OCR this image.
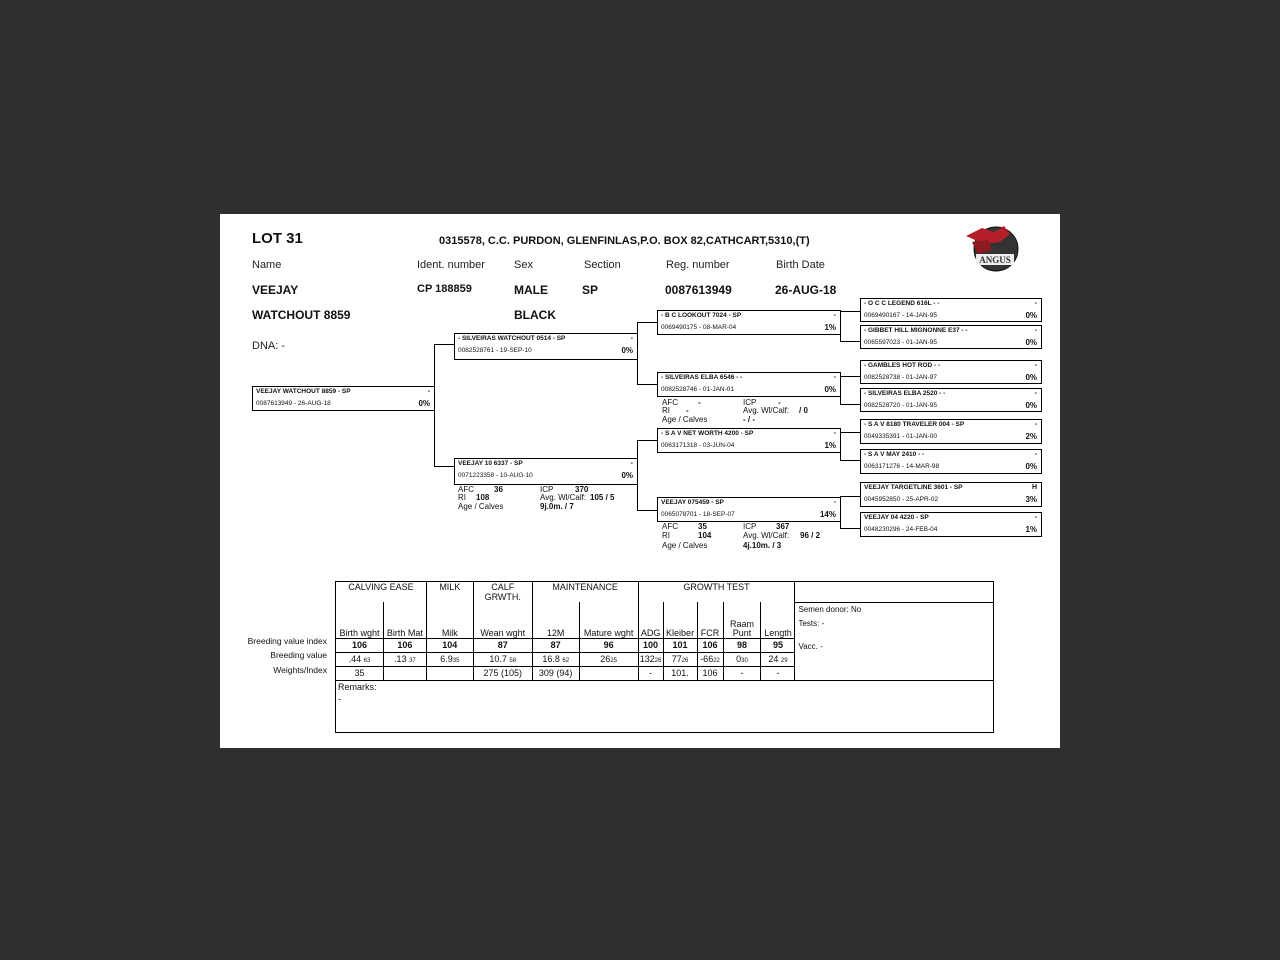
LOT 31	0315578, C.C. PURDON, GLENFINLAS,P.O. BOX 82,CATHCART,5310,(T)
ANGUS
Name	Ident. number	Sex	Section	Reg. number	Birth Date
VEEJAY
WATCHOUT 8859
CP 188859	MALE
BLACK
SP	0087613949	26-AUG-18
DNA: -
VEEJAY WATCHOUT 8859 - SP	-
0087613949 - 26-AUG-18	0%
- SILVEIRAS WATCHOUT 0514 - SP	-
0082528761 - 19-SEP-10	0%
VEEJAY 10 6337 - SP	-
0071223358 - 10-AUG-10	0%
- B C LOOKOUT 7024 - SP	-
0069490175 - 08-MAR-04	1%
- SILVEIRAS ELBA 6546 - -	-
0082528746 - 01-JAN-01	0%
- S A V NET WORTH 4200 - SP	-
0063171318 - 03-JUN-04	1%
VEEJAY 075459 - SP	-
0065078701 - 18-SEP-07	14%
- O C C LEGEND 616L - -	-
0069490167 - 14-JAN-95	0%
- GIBBET HILL MIGNONNE E37 - -	-
0065597023 - 01-JAN-95	0%
- GAMBLES HOT ROD - -	-
0082528738 - 01-JAN-97	0%
- SILVEIRAS ELBA 2520 - -	-
0082528720 - 01-JAN-95	0%
- S A V 8180 TRAVELER 004 - SP	-
0049335391 - 01-JAN-00	2%
- S A V MAY 2410 - -	-
0063171276 - 14-MAR-98	0%
VEEJAY TARGETLINE 3601 - SP	H
0045952850 - 25-APR-02	3%
VEEJAY 04 4220 - SP	-
0048230296 - 24-FEB-04	1%
AFC	36	ICP	370
RI 108	Avg. Wl/Calf: 105 / 5
Age / Calves	9j.0m. / 7
AFC	-	ICP	-
RI -	Avg. Wl/Calf: / 0
Age / Calves	- / -
AFC	35	ICP 367
RI	104	Avg. Wl/Calf: 96 / 2
Age / Calves	4j.10m. / 3
Breeding value index
Breeding value
Weights/Index
CALVING EASE		MILK	CALF GRWTH.	MAINTENANCE		GROWTH TEST					
Birth wght	Birth Mat	Milk	Wean wght	12M	Mature wght	ADG	Kleiber	FCR	Raam Punt	Length	Semen donor: No
Tests: -
Vacc. -

106	106	104	87	87	96	100	101	106	98	95	
.44 63	.13 37	6.935	10.7 58	16.8 62	2625	13226	7726	-6622	030	24 29	
35			275 (105)	309 (94)		-	101.	106	-	-	

Remarks:
-											
